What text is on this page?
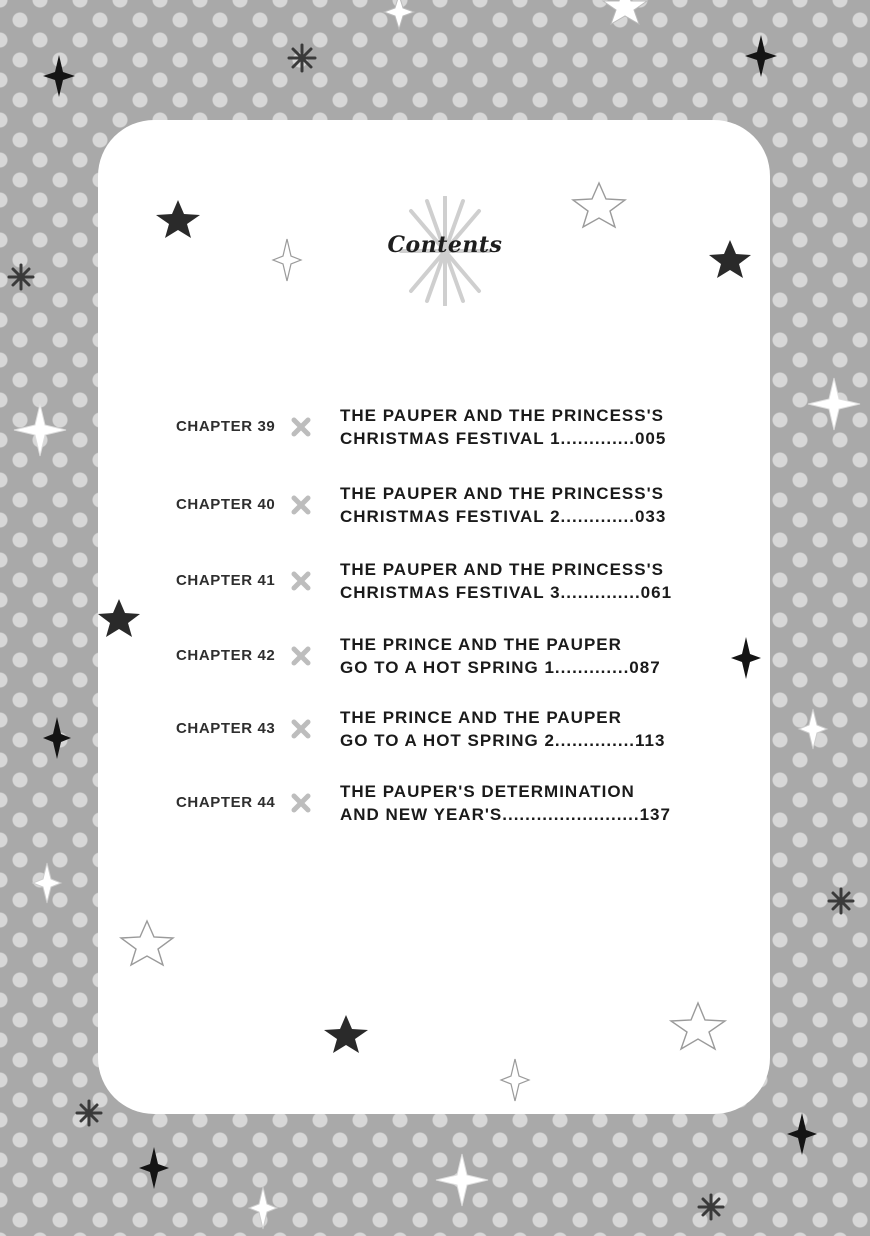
Contents
CHAPTER 39
THE PAUPER AND THE PRINCESS'S
CHRISTMAS FESTIVAL 1.............005
CHAPTER 40
THE PAUPER AND THE PRINCESS'S
CHRISTMAS FESTIVAL 2.............033
CHAPTER 41
THE PAUPER AND THE PRINCESS'S
CHRISTMAS FESTIVAL 3..............061
CHAPTER 42
THE PRINCE AND THE PAUPER
GO TO A HOT SPRING 1.............087
CHAPTER 43
THE PRINCE AND THE PAUPER
GO TO A HOT SPRING 2..............113
CHAPTER 44
THE PAUPER'S DETERMINATION
AND NEW YEAR'S........................137
